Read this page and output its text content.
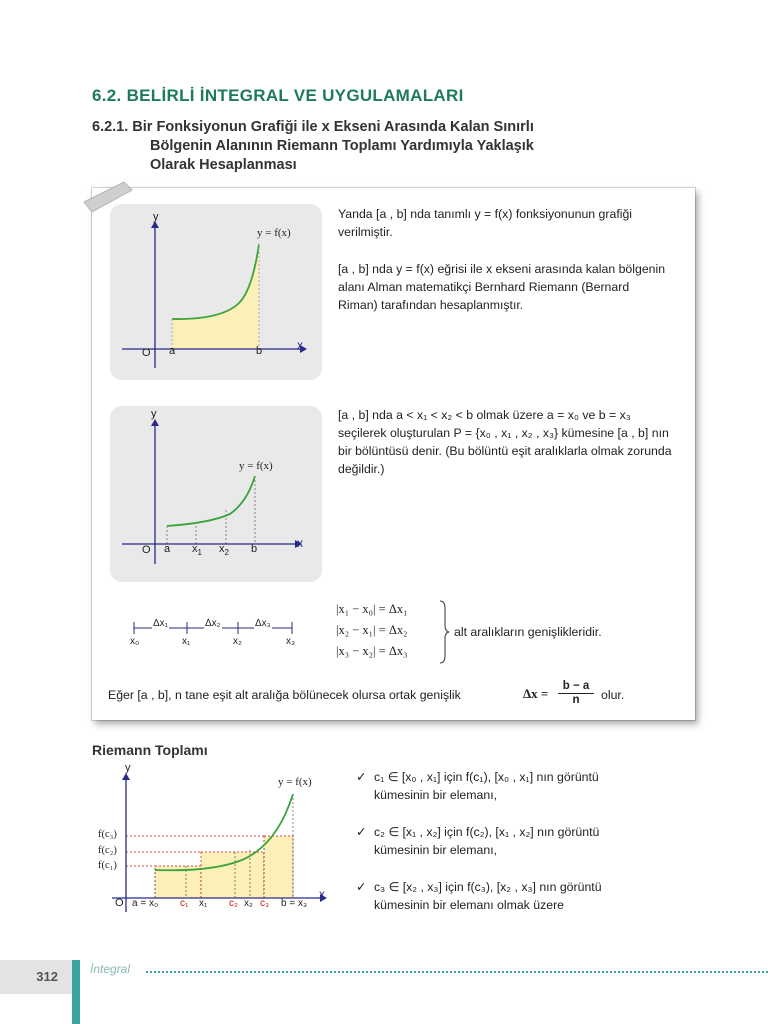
6.2. BELİRLİ İNTEGRAL VE UYGULAMALARI
6.2.1. Bir Fonksiyonun Grafiği ile x Ekseni Arasında Kalan Sınırlı
Bölgenin Alanının Riemann Toplamı Yardımıyla Yaklaşık
Olarak Hesaplanması
y
x
O a	b
y = f(x)
Yanda [a , b] nda tanımlı y = f(x) fonksiyonunun grafiği verilmiştir.
[a , b] nda y = f(x) eğrisi ile x ekseni arasında kalan bölgenin alanı Alman matematikçi Bernhard Riemann (Bernard Riman) tarafından hesaplanmıştır.
y
x
O a $x_1$ $x_2$ b
y = f(x)
[a , b] nda a < x₁ < x₂ < b olmak üzere a = x₀ ve b = x₃ seçilerek oluşturulan P = {x₀ , x₁ , x₂ , x₃} kümesine [a , b] nın bir bölüntüsü denir. (Bu bölüntü eşit aralıklarla olmak zorunda değildir.)
Δx₁	Δx₂	Δx₃
x₀	x₁	x₂	x₃
|x₁ − x₀| = Δx₁
|x₂ − x₁| = Δx₂
|x₃ − x₂| = Δx₃
alt aralıkların genişlikleridir.
Eğer [a , b], n tane eşit alt aralığa bölünecek olursa ortak genişlik	$\Delta x = \frac{b - a}{n}$ olur.
Riemann Toplamı
y
x
O
y = f(x)
f(c₃)
f(c₂)
f(c₁)
a = x₀ c₁ x₁ c₂ x₂ c₃ b = x₃
✓ c₁ ∈ [x₀ , x₁] için f(c₁), [x₀ , x₁] nın görüntü
kümesinin bir elemanı,
✓ c₂ ∈ [x₁ , x₂] için f(c₂), [x₁ , x₂] nın görüntü
kümesinin bir elemanı,
✓ c₃ ∈ [x₂ , x₃] için f(c₃), [x₂ , x₃] nın görüntü
kümesinin bir elemanı olmak üzere
312	İntegral
